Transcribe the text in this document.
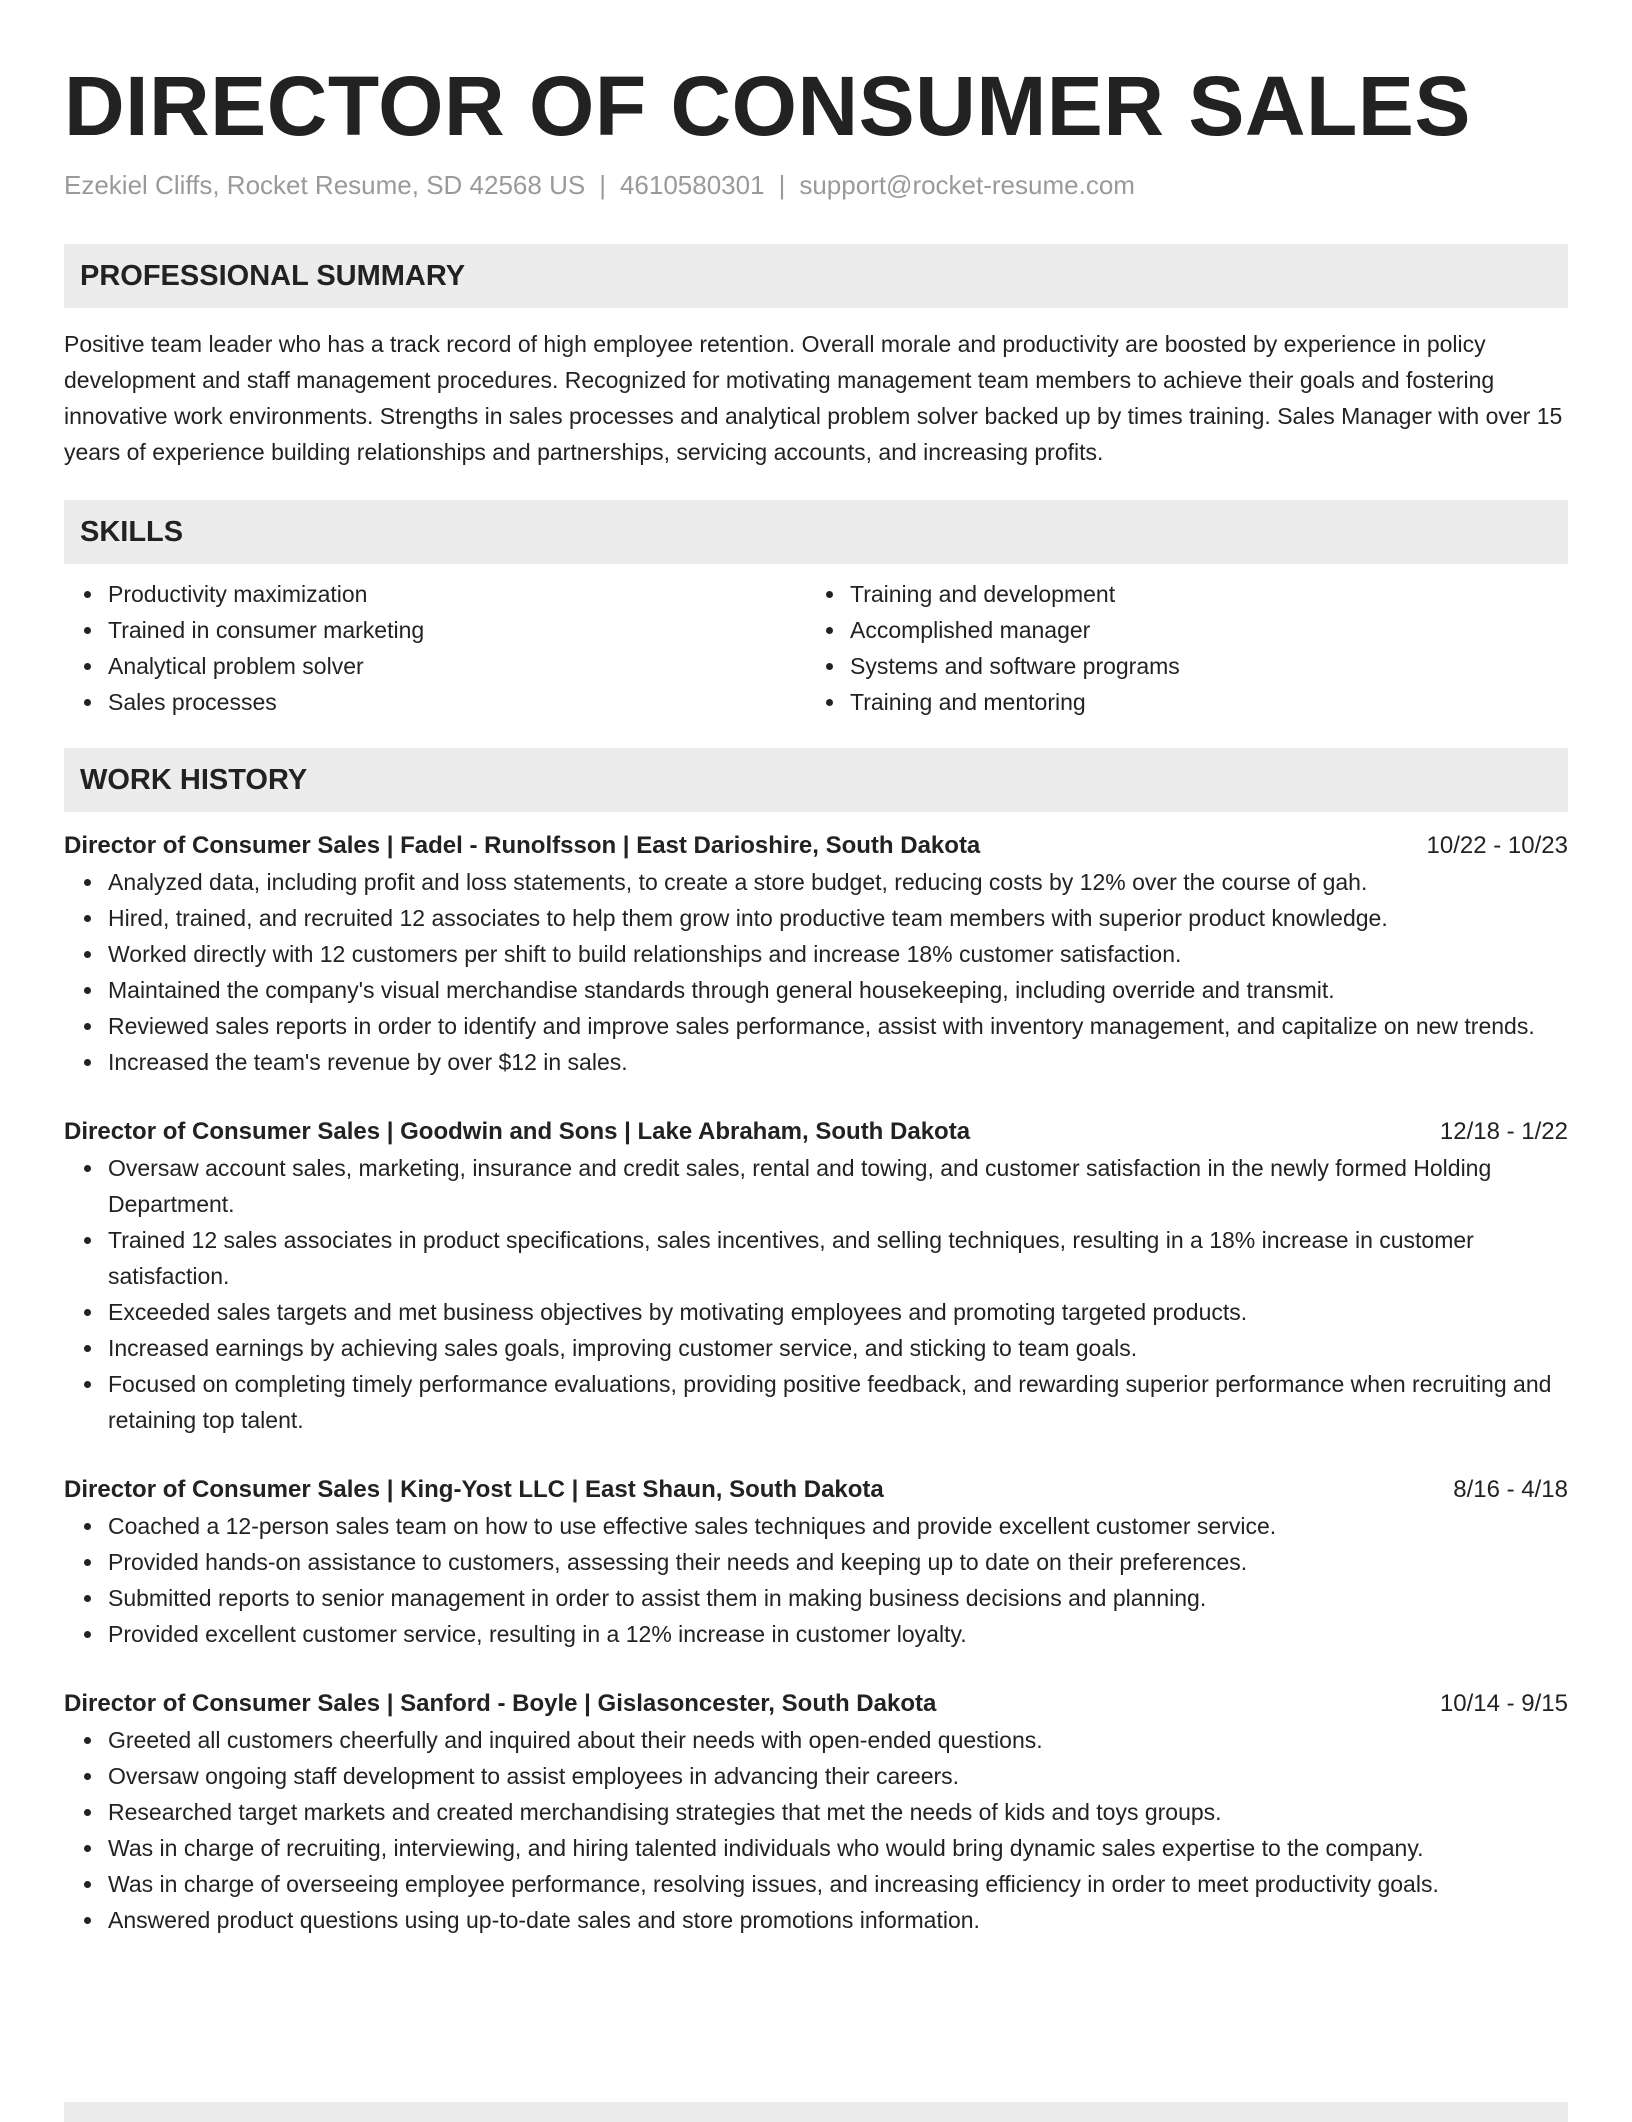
DIRECTOR OF CONSUMER SALES
Ezekiel Cliffs, Rocket Resume, SD 42568 US | 4610580301 | support@rocket-resume.com
PROFESSIONAL SUMMARY

Positive team leader who has a track record of high employee retention. Overall morale and productivity are boosted by experience in policy development and staff management procedures. Recognized for motivating management team members to achieve their goals and fostering innovative work environments. Strengths in sales processes and analytical problem solver backed up by times training. Sales Manager with over 15 years of experience building relationships and partnerships, servicing accounts, and increasing profits.

SKILLS
Productivity maximization
Trained in consumer marketing
Analytical problem solver
Sales processes
Training and development
Accomplished manager
Systems and software programs
Training and mentoring
WORK HISTORY
Director of Consumer Sales | Fadel - Runolfsson | East Darioshire, South Dakota	10/22 - 10/23
Analyzed data, including profit and loss statements, to create a store budget, reducing costs by 12% over the course of gah.
Hired, trained, and recruited 12 associates to help them grow into productive team members with superior product knowledge.
Worked directly with 12 customers per shift to build relationships and increase 18% customer satisfaction.
Maintained the company's visual merchandise standards through general housekeeping, including override and transmit.
Reviewed sales reports in order to identify and improve sales performance, assist with inventory management, and capitalize on new trends.
Increased the team's revenue by over $12 in sales.
Director of Consumer Sales | Goodwin and Sons | Lake Abraham, South Dakota	12/18 - 1/22
Oversaw account sales, marketing, insurance and credit sales, rental and towing, and customer satisfaction in the newly formed Holding Department.
Trained 12 sales associates in product specifications, sales incentives, and selling techniques, resulting in a 18% increase in customer satisfaction.
Exceeded sales targets and met business objectives by motivating employees and promoting targeted products.
Increased earnings by achieving sales goals, improving customer service, and sticking to team goals.
Focused on completing timely performance evaluations, providing positive feedback, and rewarding superior performance when recruiting and retaining top talent.
Director of Consumer Sales | King-Yost LLC | East Shaun, South Dakota	8/16 - 4/18
Coached a 12-person sales team on how to use effective sales techniques and provide excellent customer service.
Provided hands-on assistance to customers, assessing their needs and keeping up to date on their preferences.
Submitted reports to senior management in order to assist them in making business decisions and planning.
Provided excellent customer service, resulting in a 12% increase in customer loyalty.
Director of Consumer Sales | Sanford - Boyle | Gislasoncester, South Dakota	10/14 - 9/15
Greeted all customers cheerfully and inquired about their needs with open-ended questions.
Oversaw ongoing staff development to assist employees in advancing their careers.
Researched target markets and created merchandising strategies that met the needs of kids and toys groups.
Was in charge of recruiting, interviewing, and hiring talented individuals who would bring dynamic sales expertise to the company.
Was in charge of overseeing employee performance, resolving issues, and increasing efficiency in order to meet productivity goals.
Answered product questions using up-to-date sales and store promotions information.
